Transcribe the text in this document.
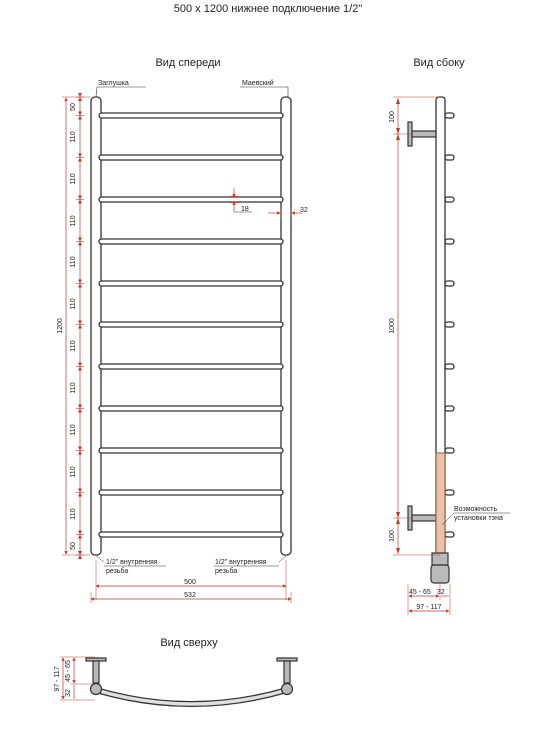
500 x 1200 нижнее подключение 1/2"
Вид спереди
Заглушка	Маевский
1200
50
110
110
110
110
110
110
110
110
110
110
50
18	32
1/2" внутренняя
резьба
1/2" внутренняя
резьба
500
532
Вид сбоку
Возможность
установки тэна
100
1000
100
45 - 65 32
97 - 117
Вид сверху
97 - 117
32
45 - 65
